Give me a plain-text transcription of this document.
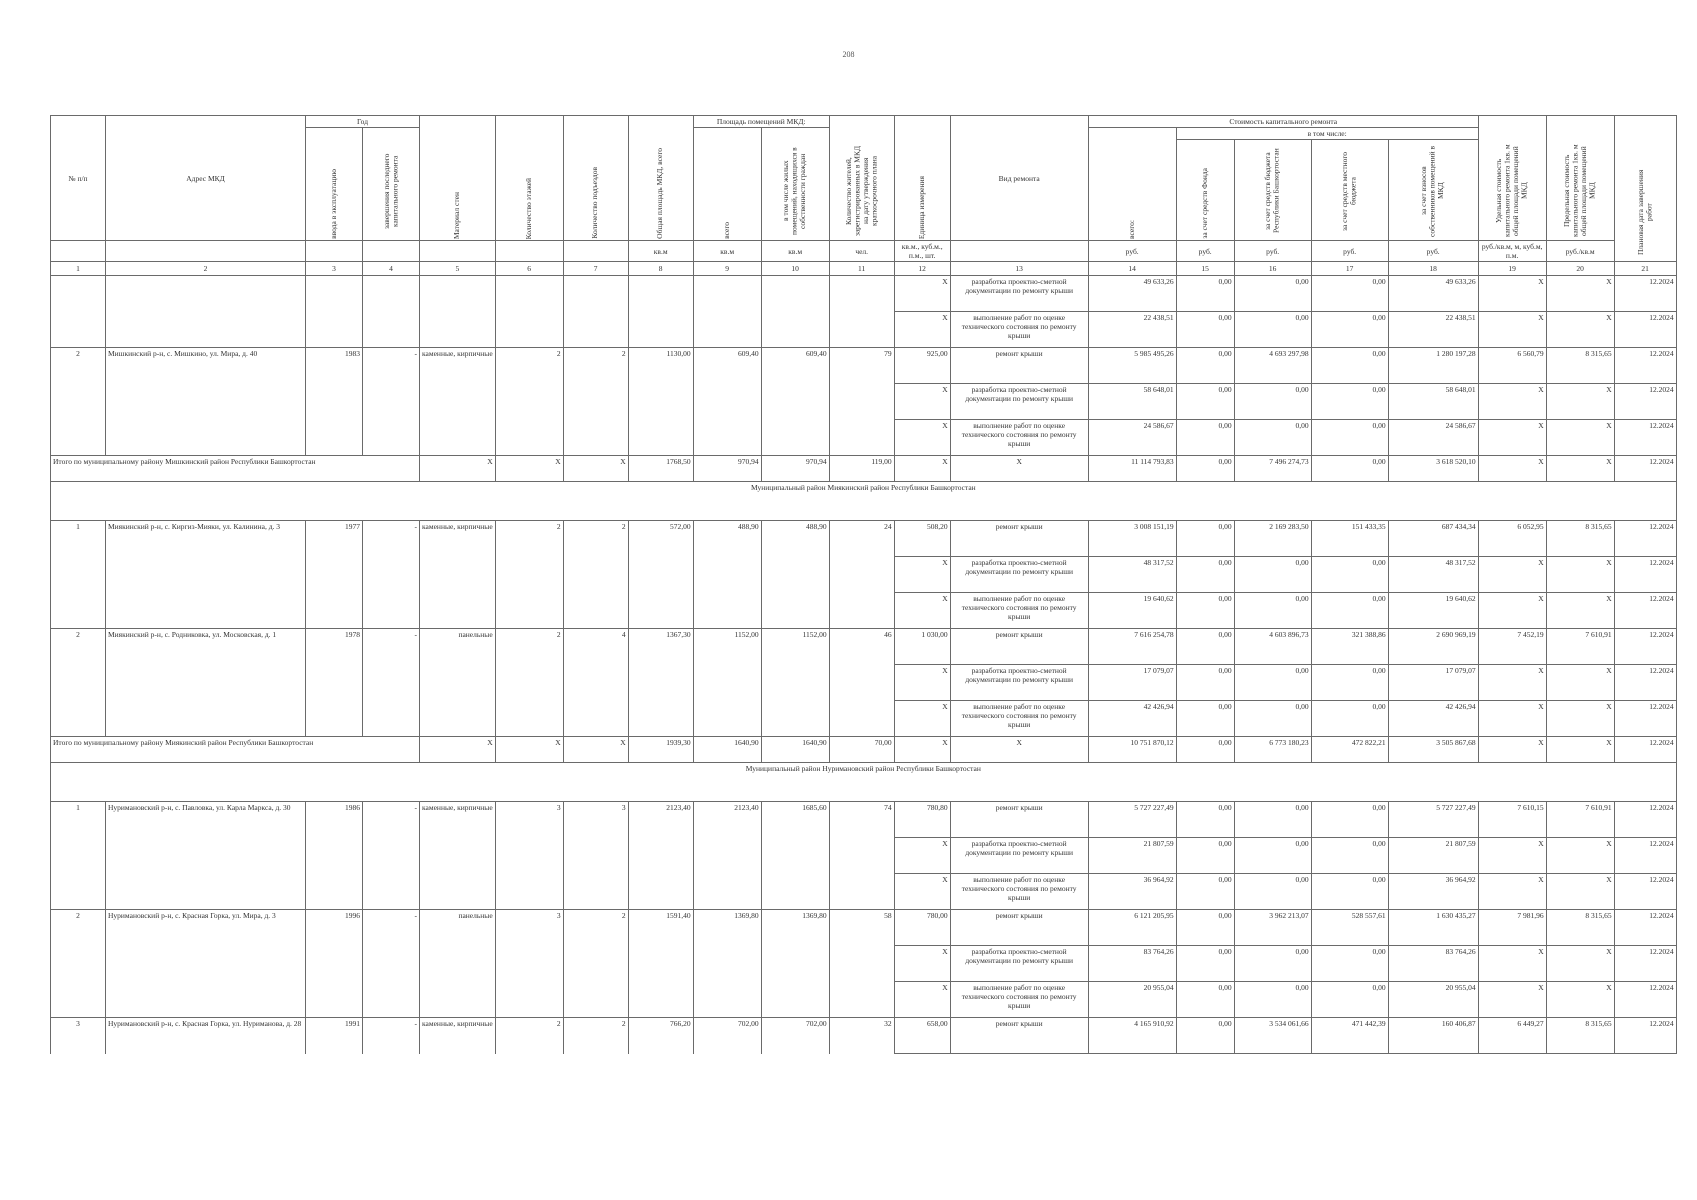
208
№ п/п	Адрес МКД	Год		Материал стен	Количество этажей	Количество подъездов	Общая площадь МКД, всего	Площадь помещений МКД:		Количество жителей, зарегистрированных в МКД на дату утверждения краткосрочного плана	Единица измерения	Вид ремонта	Стоимость капитального ремонта					Удельная стоимость капитального ремонта 1кв. м общей площади помещений МКД	Предельная стоимость капитального ремонта 1кв. м общей площади помещений МКД	Плановая дата завершения работ

		ввода в эксплуатацию	завершения последнего капитального ремонта					всего	в том числе жилых помещений, находящихся в собственности граждан				всего:	в том числе:						

														за счет средств Фонда	за счет средств бюджета Республики Башкортостан	за счет средств местного бюджета	за счет взносов собственников помещений в МКД			

							кв.м	кв.м	кв.м	чел.	кв.м., куб.м., п.м., шт.		руб.	руб.	руб.	руб.	руб.	руб./кв.м, м, куб.м, п.м.	руб./кв.м	
1	2	3	4	5	6	7	8	9	10	11	12	13	14	15	16	17	18	19	20	21
											X	разработка проектно-сметной документации по ремонту крыши	49 633,26	0,00	0,00	0,00	49 633,26	X	X	12.2024
											X	выполнение работ по оценке технического состояния по ремонту крыши	22 438,51	0,00	0,00	0,00	22 438,51	X	X	12.2024
2	Мишкинский р-н, с. Мишкино, ул. Мира, д. 40	1983	-	каменные, кирпичные	2	2	1130,00	609,40	609,40	79	925,00	ремонт крыши	5 985 495,26	0,00	4 693 297,98	0,00	1 280 197,28	6 560,79	8 315,65	12.2024
											X	разработка проектно-сметной документации по ремонту крыши	58 648,01	0,00	0,00	0,00	58 648,01	X	X	12.2024
											X	выполнение работ по оценке технического состояния по ремонту крыши	24 586,67	0,00	0,00	0,00	24 586,67	X	X	12.2024
Итого по муниципальному району Мишкинский район Республики Башкортостан				X	X	X	1768,50	970,94	970,94	119,00	X	X	11 114 793,83	0,00	7 496 274,73	0,00	3 618 520,10	X	X	12.2024
Муниципальный район Миякинский район Республики Башкортостан																				
1	Миякинский р-н, с. Киргиз-Мияки, ул. Калинина, д. 3	1977	-	каменные, кирпичные	2	2	572,00	488,90	488,90	24	508,20	ремонт крыши	3 008 151,19	0,00	2 169 283,50	151 433,35	687 434,34	6 052,95	8 315,65	12.2024
											X	разработка проектно-сметной документации по ремонту крыши	48 317,52	0,00	0,00	0,00	48 317,52	X	X	12.2024
											X	выполнение работ по оценке технического состояния по ремонту крыши	19 640,62	0,00	0,00	0,00	19 640,62	X	X	12.2024
2	Миякинский р-н, с. Родниковка, ул. Московская, д. 1	1978	-	панельные	2	4	1367,30	1152,00	1152,00	46	1 030,00	ремонт крыши	7 616 254,78	0,00	4 603 896,73	321 388,86	2 690 969,19	7 452,19	7 610,91	12.2024
											X	разработка проектно-сметной документации по ремонту крыши	17 079,07	0,00	0,00	0,00	17 079,07	X	X	12.2024
											X	выполнение работ по оценке технического состояния по ремонту крыши	42 426,94	0,00	0,00	0,00	42 426,94	X	X	12.2024
Итого по муниципальному району Миякинский район Республики Башкортостан				X	X	X	1939,30	1640,90	1640,90	70,00	X	X	10 751 870,12	0,00	6 773 180,23	472 822,21	3 505 867,68	X	X	12.2024
Муниципальный район Нуримановский район Республики Башкортостан																				
1	Нуримановский р-н, с. Павловка, ул. Карла Маркса, д. 30	1986	-	каменные, кирпичные	3	3	2123,40	2123,40	1685,60	74	780,80	ремонт крыши	5 727 227,49	0,00	0,00	0,00	5 727 227,49	7 610,15	7 610,91	12.2024
											X	разработка проектно-сметной документации по ремонту крыши	21 807,59	0,00	0,00	0,00	21 807,59	X	X	12.2024
											X	выполнение работ по оценке технического состояния по ремонту крыши	36 964,92	0,00	0,00	0,00	36 964,92	X	X	12.2024
2	Нуримановский р-н, с. Красная Горка, ул. Мира, д. 3	1996	-	панельные	3	2	1591,40	1369,80	1369,80	58	780,00	ремонт крыши	6 121 205,95	0,00	3 962 213,07	528 557,61	1 630 435,27	7 981,96	8 315,65	12.2024
											X	разработка проектно-сметной документации по ремонту крыши	83 764,26	0,00	0,00	0,00	83 764,26	X	X	12.2024
											X	выполнение работ по оценке технического состояния по ремонту крыши	20 955,04	0,00	0,00	0,00	20 955,04	X	X	12.2024
3	Нуримановский р-н, с. Красная Горка, ул. Нуриманова, д. 28	1991	-	каменные, кирпичные	2	2	766,20	702,00	702,00	32	658,00	ремонт крыши	4 165 910,92	0,00	3 534 061,66	471 442,39	160 406,87	6 449,27	8 315,65	12.2024
